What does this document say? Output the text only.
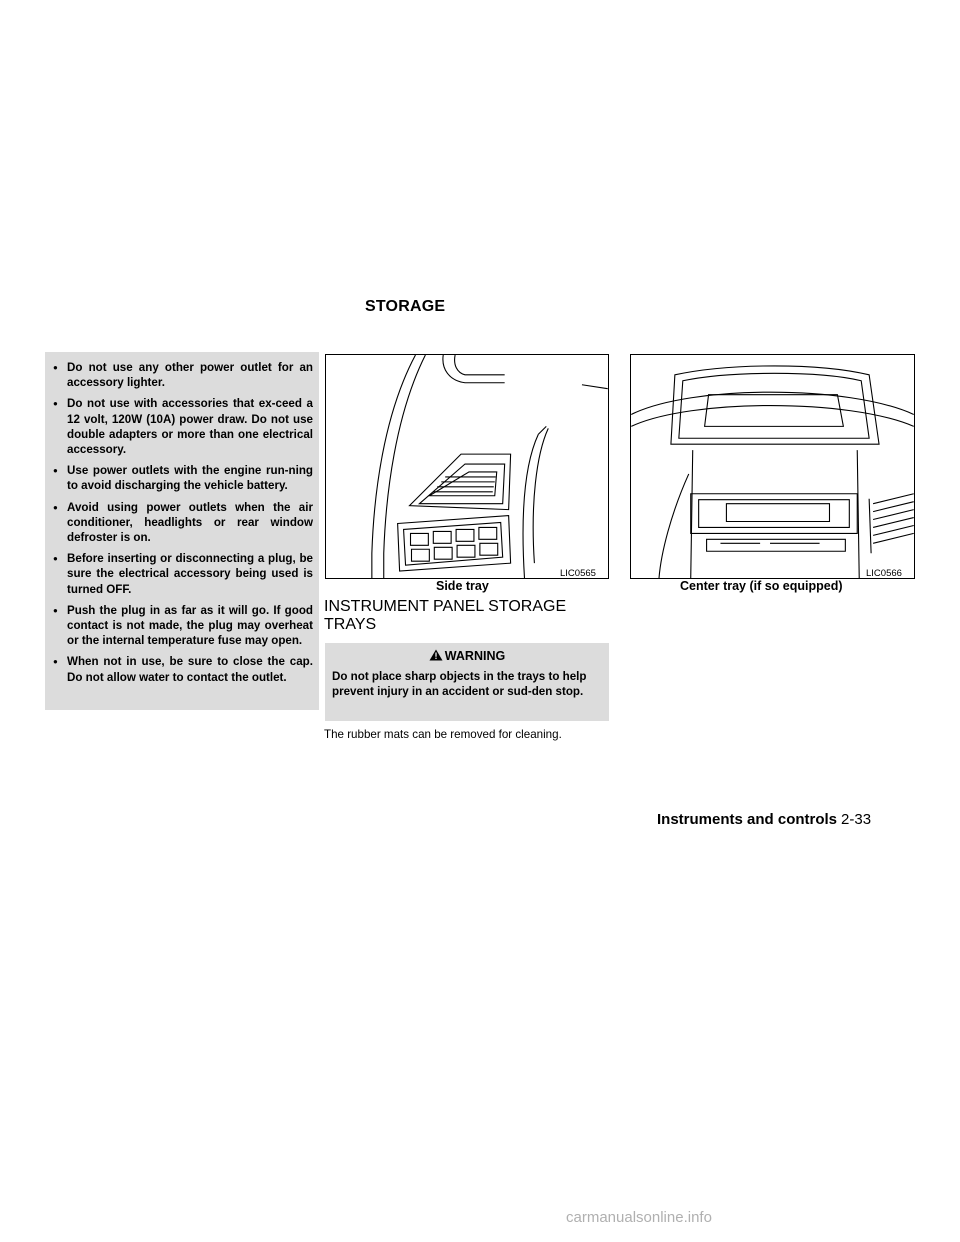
STORAGE
● Do not use any other power outlet for an accessory lighter.
● Do not use with accessories that ex-ceed a 12 volt, 120W (10A) power draw. Do not use double adapters or more than one electrical accessory.
● Use power outlets with the engine run-ning to avoid discharging the vehicle battery.
● Avoid using power outlets when the air conditioner, headlights or rear window defroster is on.
● Before inserting or disconnecting a plug, be sure the electrical accessory being used is turned OFF.
● Push the plug in as far as it will go. If good contact is not made, the plug may overheat or the internal temperature fuse may open.
● When not in use, be sure to close the cap. Do not allow water to contact the outlet.
LIC0565
Side tray
LIC0566
Center tray (if so equipped)
INSTRUMENT PANEL STORAGE TRAYS
WARNING
Do not place sharp objects in the trays to help prevent injury in an accident or sud-den stop.
The rubber mats can be removed for cleaning.
Instruments and controls 2-33
carmanualsonline.info
